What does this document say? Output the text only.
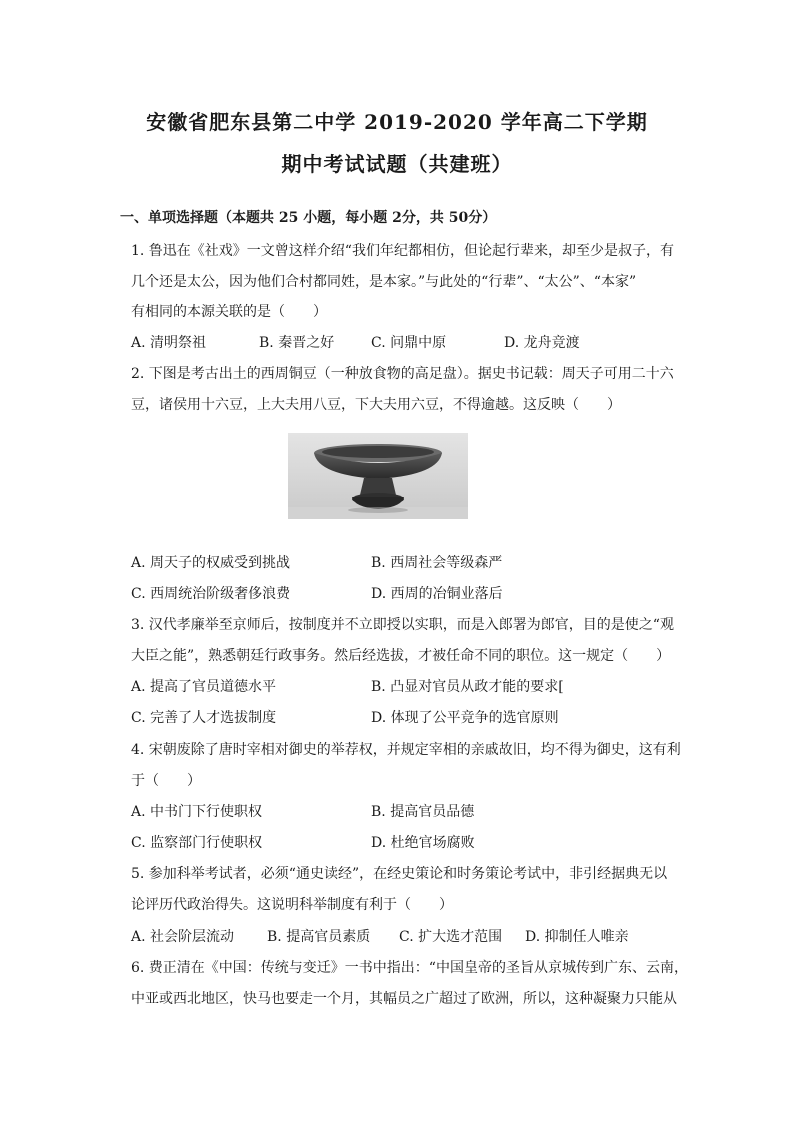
安徽省肥东县第二中学 2019-2020 学年高二下学期
期中考试试题（共建班）
一、单项选择题（本题共 25 小题，每小题 2分，共 50分）
1. 鲁迅在《社戏》一文曾这样介绍“我们年纪都相仿，但论起行辈来，却至少是叔子，有
几个还是太公，因为他们合村都同姓，是本家。”与此处的“行辈”、“太公”、“本家”
有相同的本源关联的是（　　）
A. 清明祭祖	B. 秦晋之好	C. 问鼎中原	D. 龙舟竞渡
2. 下图是考古出土的西周铜豆（一种放食物的高足盘）。据史书记载：周天子可用二十六
豆，诸侯用十六豆，上大夫用八豆，下大夫用六豆，不得逾越。这反映（　　）
A. 周天子的权威受到挑战	B. 西周社会等级森严
C. 西周统治阶级奢侈浪费	D. 西周的冶铜业落后
3. 汉代孝廉举至京师后，按制度并不立即授以实职，而是入郎署为郎官，目的是使之“观
大臣之能”，熟悉朝廷行政事务。然后经选拔，才被任命不同的职位。这一规定（　　）
A. 提高了官员道德水平	B. 凸显对官员从政才能的要求[
C. 完善了人才选拔制度	D. 体现了公平竞争的选官原则
4. 宋朝废除了唐时宰相对御史的举荐权，并规定宰相的亲戚故旧，均不得为御史，这有利
于（　　）
A. 中书门下行使职权	B. 提高官员品德
C. 监察部门行使职权	D. 杜绝官场腐败
5. 参加科举考试者，必须“通史读经”，在经史策论和时务策论考试中，非引经据典无以
论评历代政治得失。这说明科举制度有利于（　　）
A. 社会阶层流动 B. 提高官员素质 C. 扩大选才范围 D. 抑制任人唯亲
6. 费正清在《中国：传统与变迁》一书中指出：“中国皇帝的圣旨从京城传到广东、云南，
中亚或西北地区，快马也要走一个月，其幅员之广超过了欧洲，所以，这种凝聚力只能从
